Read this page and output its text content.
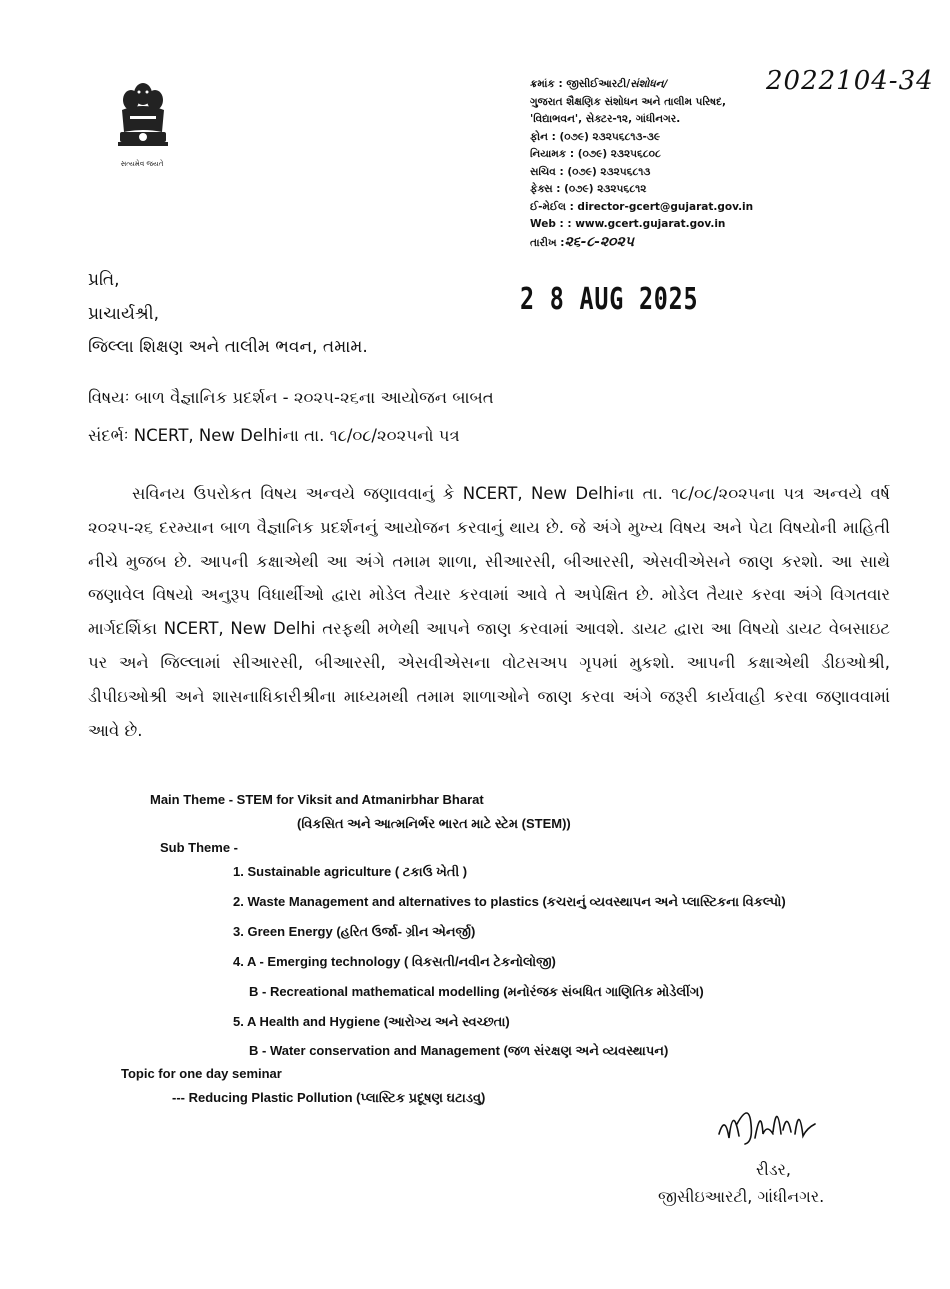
સત્યમેવ જયતે
2022104-34
ક્રમાંક : જીસીઈઆરટી/સંશોધન/
ગુજરાત શૈક્ષણિક સંશોધન અને તાલીમ પરિષદ,
'વિદ્યાભવન', સેક્ટર-૧૨, ગાંધીનગર.
ફોન : (૦૭૯) ૨૩૨૫૬૮૧૩-૩૯
નિયામક : (૦૭૯) ૨૩૨૫૬૮૦૮
સચિવ : (૦૭૯) ૨૩૨૫૬૮૧૩
ફેક્સ : (૦૭૯) ૨૩૨૫૬૮૧૨
ઈ-મેઈલ : director-gcert@gujarat.gov.in
Web : : www.gcert.gujarat.gov.in
તારીખ :૨૬-૮-૨૦૨૫
2 8 AUG 2025
પ્રતિ,
પ્રાચાર્યશ્રી,
જિલ્લા શિક્ષણ અને તાલીમ ભવન, તમામ.
વિષયઃ બાળ વૈજ્ઞાનિક પ્રદર્શન - ૨૦૨૫-૨૬ના આયોજન બાબત
સંદર્ભઃ NCERT, New Delhiના તા. ૧૮/૦૮/૨૦૨૫નો પત્ર
સવિનય ઉપરોકત વિષય અન્વયે જણાવવાનું કે NCERT, New Delhiના તા. ૧૮/૦૮/૨૦૨૫ના પત્ર અન્વયે વર્ષ ૨૦૨૫-૨૬ દરમ્યાન બાળ વૈજ્ઞાનિક પ્રદર્શનનું આયોજન કરવાનું થાય છે. જે અંગે મુખ્ય વિષય અને પેટા વિષયોની માહિતી નીચે મુજબ છે. આપની કક્ષાએથી આ અંગે તમામ શાળા, સીઆરસી, બીઆરસી, એસવીએસને જાણ કરશો. આ સાથે જણાવેલ વિષયો અનુરૂપ વિધાર્થીઓ દ્વારા મોડેલ તૈયાર કરવામાં આવે તે અપેક્ષિત છે. મોડેલ તૈયાર કરવા અંગે વિગતવાર માર્ગદર્શિકા NCERT, New Delhi તરફથી મળેથી આપને જાણ કરવામાં આવશે. ડાયટ દ્વારા આ વિષયો ડાયટ વેબસાઇટ પર અને જિલ્લામાં સીઆરસી, બીઆરસી, એસવીએસના વોટસઅપ ગૃપમાં મુકશો. આપની કક્ષાએથી ડીઇઓશ્રી, ડીપીઇઓશ્રી અને શાસનાધિકારીશ્રીના માધ્યમથી તમામ શાળાઓને જાણ કરવા અંગે જરૂરી કાર્યવાહી કરવા જણાવવામાં આવે છે.
Main Theme - STEM for Viksit and Atmanirbhar Bharat
(વિકસિત અને આત્મનિર્ભર ભારત માટે સ્ટેમ (STEM))
Sub Theme -
1. Sustainable agriculture ( ટકાઉ ખેતી )
2. Waste Management and alternatives to plastics (કચરાનું વ્યવસ્થાપન અને પ્લાસ્ટિકના વિકલ્પો)
3. Green Energy (હરિત ઉર્જા- ગ્રીન એનર્જી)
4. A - Emerging technology ( વિકસતી/નવીન ટેકનોલોજી)
B - Recreational mathematical modelling (મનોરંજક સંબધિત ગાણિતિક મોડેલીંગ)
5. A Health and Hygiene (આરોગ્ય અને સ્વચ્છતા)
B - Water conservation and Management (જળ સંરક્ષણ અને વ્યવસ્થાપન)
Topic for one day seminar
--- Reducing Plastic Pollution (પ્લાસ્ટિક પ્રદૂષણ ઘટાડવુ)
રીડર,
જીસીઇઆરટી, ગાંધીનગર.
